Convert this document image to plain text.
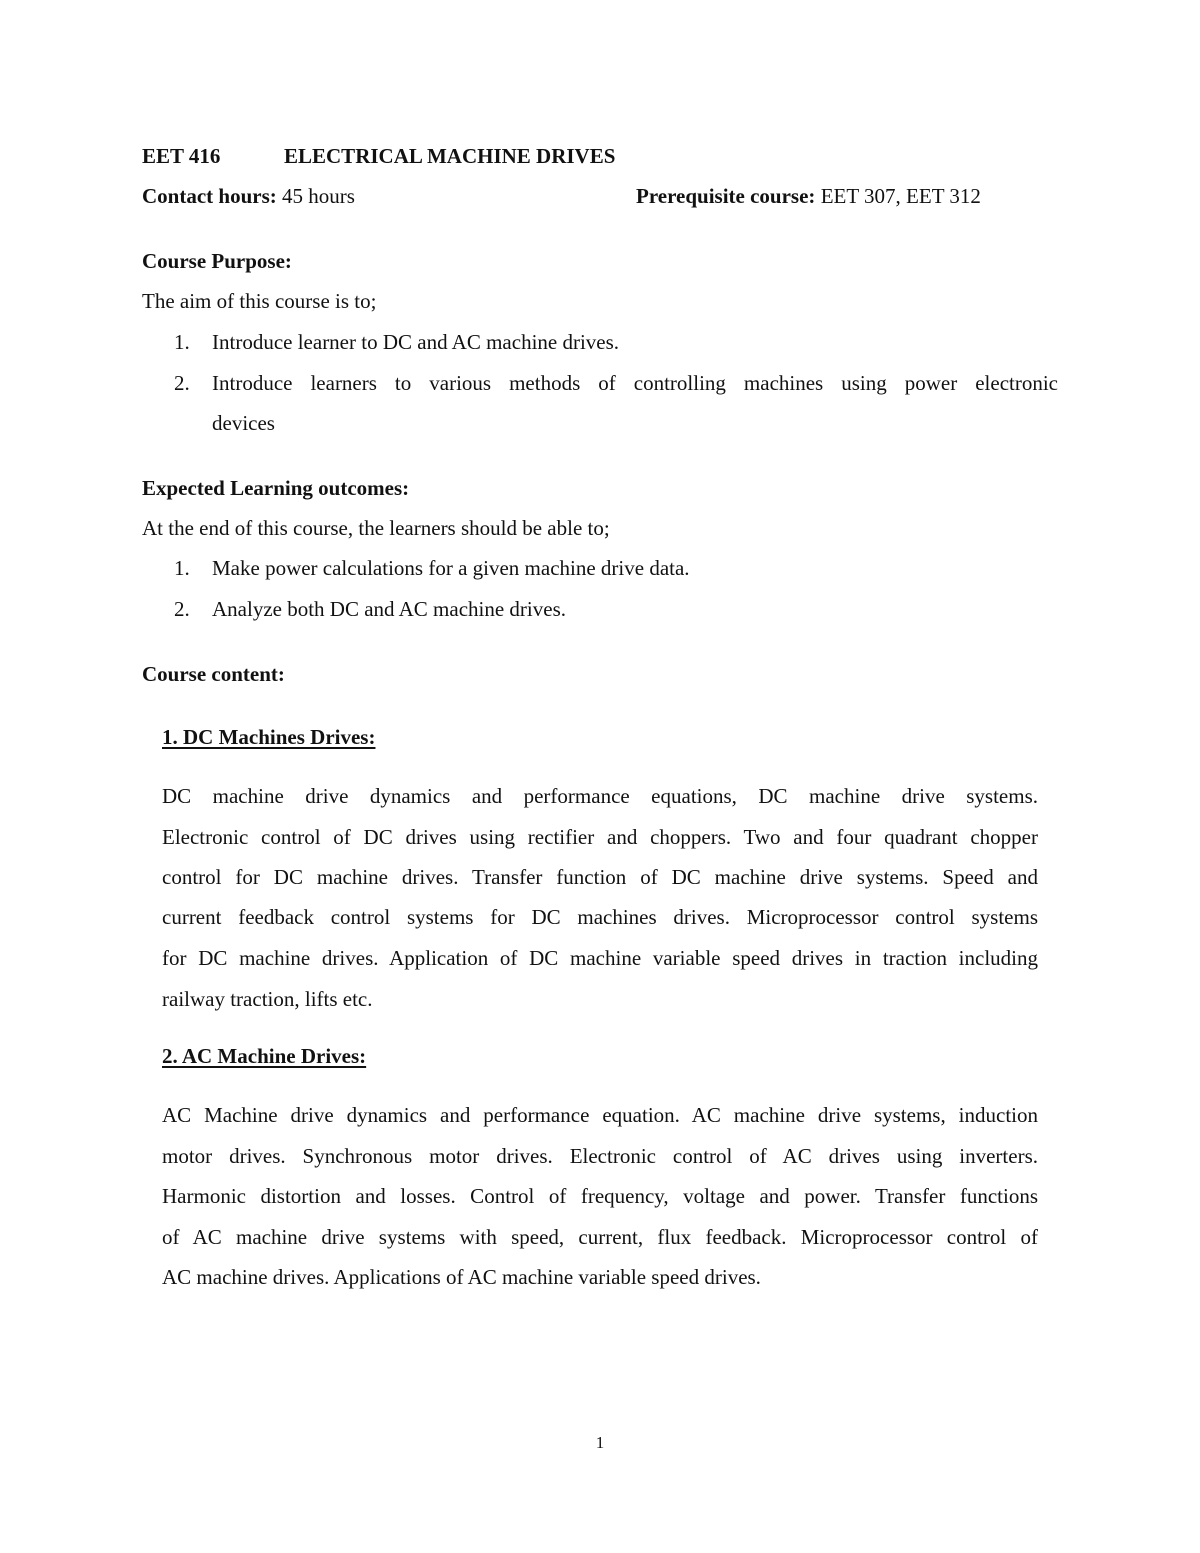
EET 416	ELECTRICAL MACHINE DRIVES
Contact hours: 45 hours	Prerequisite course: EET 307, EET 312
Course Purpose:
The aim of this course is to;
1. Introduce learner to DC and AC machine drives.
2. Introduce learners to various methods of controlling machines using power electronic
devices
Expected Learning outcomes:
At the end of this course, the learners should be able to;
1. Make power calculations for a given machine drive data.
2. Analyze both DC and AC machine drives.
Course content:
1. DC Machines Drives:
DC machine drive dynamics and performance equations, DC machine drive systems.
Electronic control of DC drives using rectifier and choppers. Two and four quadrant chopper
control for DC machine drives. Transfer function of DC machine drive systems. Speed and
current feedback control systems for DC machines drives. Microprocessor control systems
for DC machine drives. Application of DC machine variable speed drives in traction including
railway traction, lifts etc.
2. AC Machine Drives:
AC Machine drive dynamics and performance equation. AC machine drive systems, induction
motor drives. Synchronous motor drives. Electronic control of AC drives using inverters.
Harmonic distortion and losses. Control of frequency, voltage and power. Transfer functions
of AC machine drive systems with speed, current, flux feedback. Microprocessor control of
AC machine drives. Applications of AC machine variable speed drives.
1
